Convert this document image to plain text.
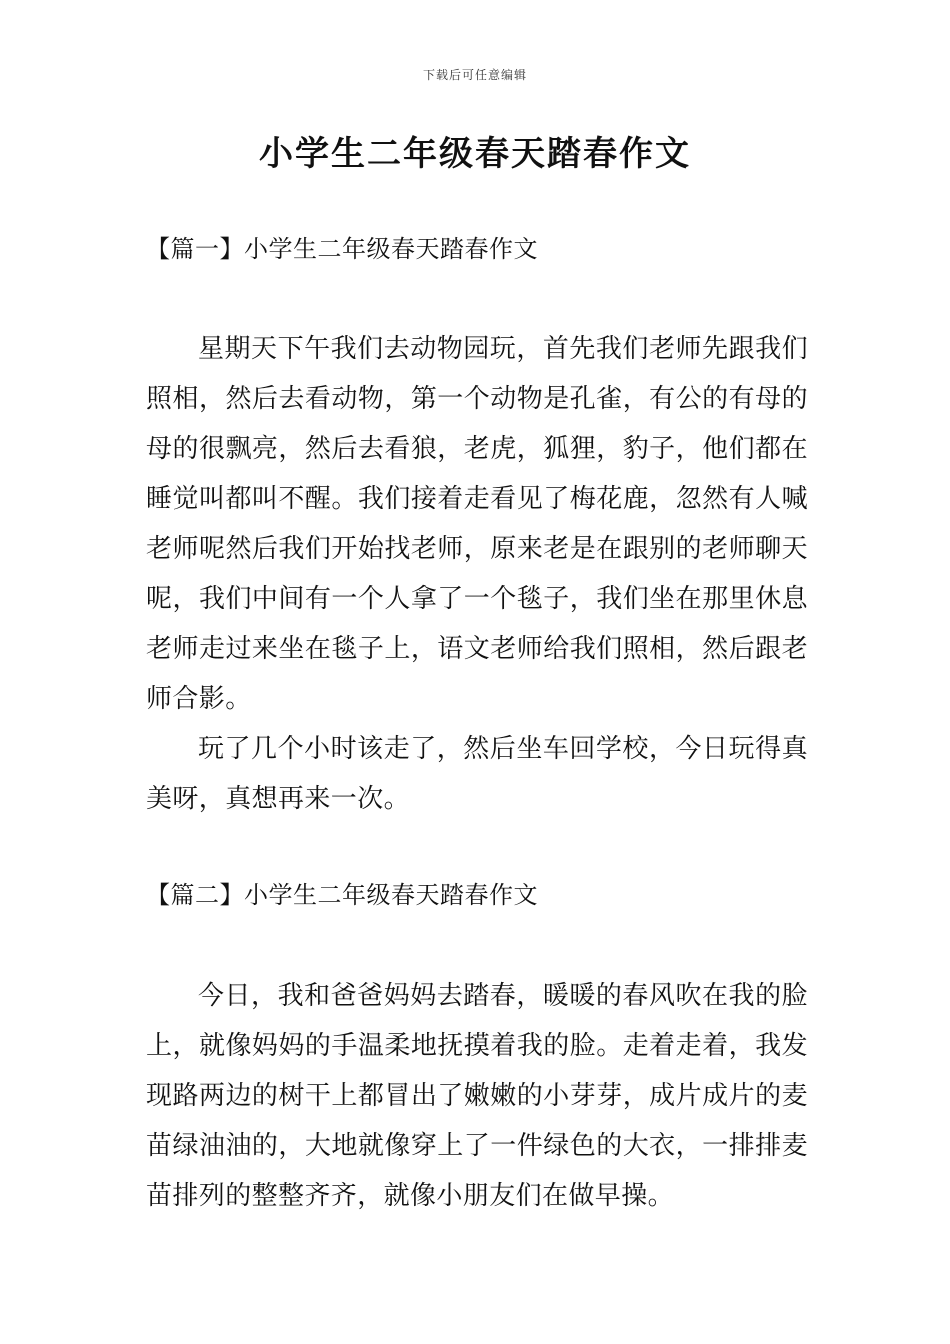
下载后可任意编辑
小学生二年级春天踏春作文
【篇一】小学生二年级春天踏春作文

星期天下午我们去动物园玩，首先我们老师先跟我们照相，然后去看动物，第一个动物是孔雀，有公的有母的母的很飘亮，然后去看狼，老虎，狐狸，豹子，他们都在睡觉叫都叫不醒。我们接着走看见了梅花鹿，忽然有人喊老师呢然后我们开始找老师，原来老是在跟别的老师聊天呢，我们中间有一个人拿了一个毯子，我们坐在那里休息老师走过来坐在毯子上，语文老师给我们照相，然后跟老师合影。

玩了几个小时该走了，然后坐车回学校，今日玩得真美呀，真想再来一次。

【篇二】小学生二年级春天踏春作文

今日，我和爸爸妈妈去踏春，暖暖的春风吹在我的脸上，就像妈妈的手温柔地抚摸着我的脸。走着走着，我发现路两边的树干上都冒出了嫩嫩的小芽芽，成片成片的麦苗绿油油的，大地就像穿上了一件绿色的大衣，一排排麦苗排列的整整齐齐，就像小朋友们在做早操。
